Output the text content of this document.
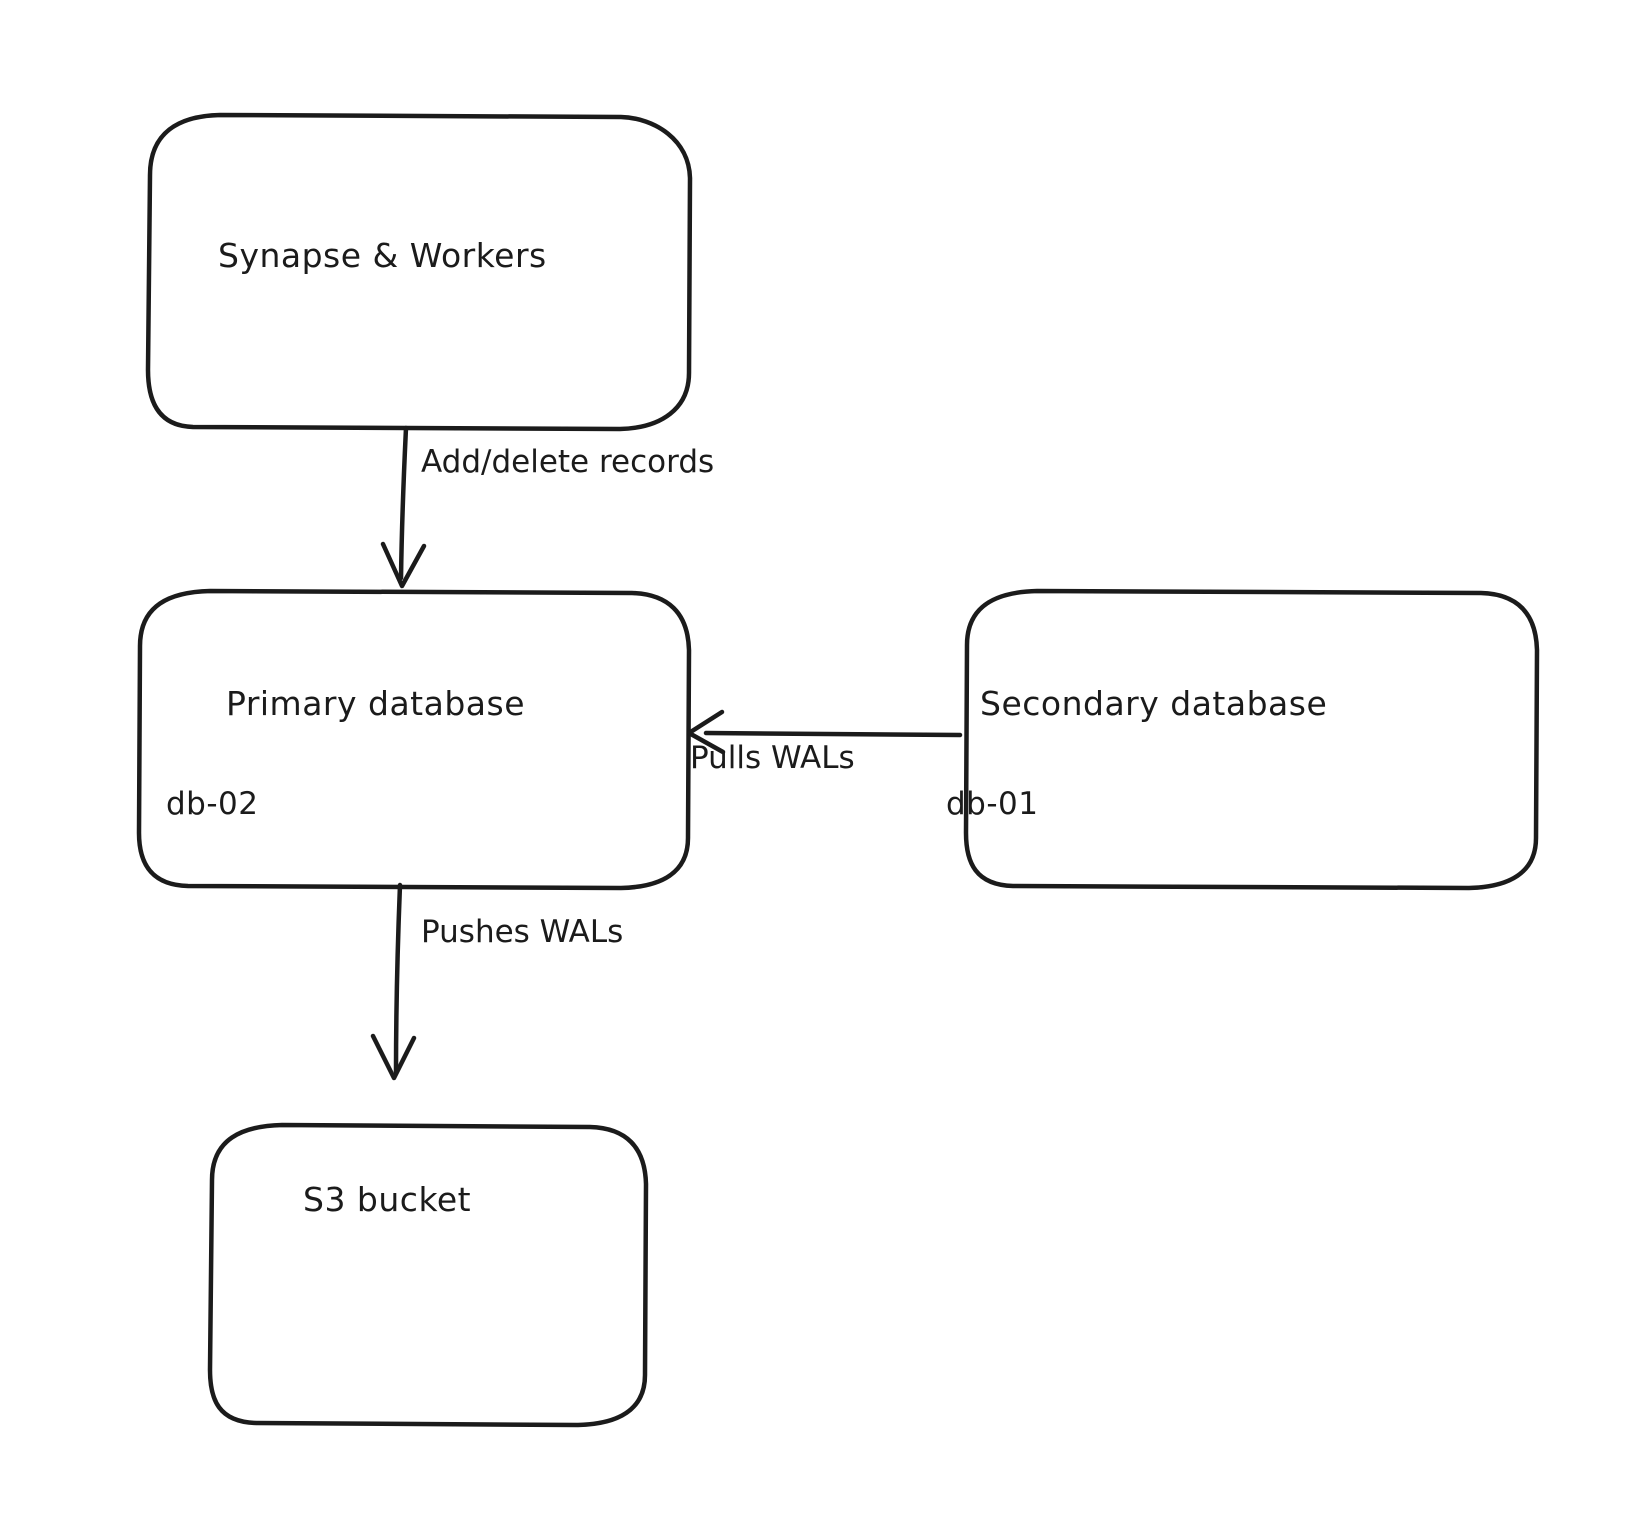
Synapse & Workers
Primary database
db-02
Secondary database
db-01
S3 bucket
Add/delete records
Pulls WALs
Pushes WALs
